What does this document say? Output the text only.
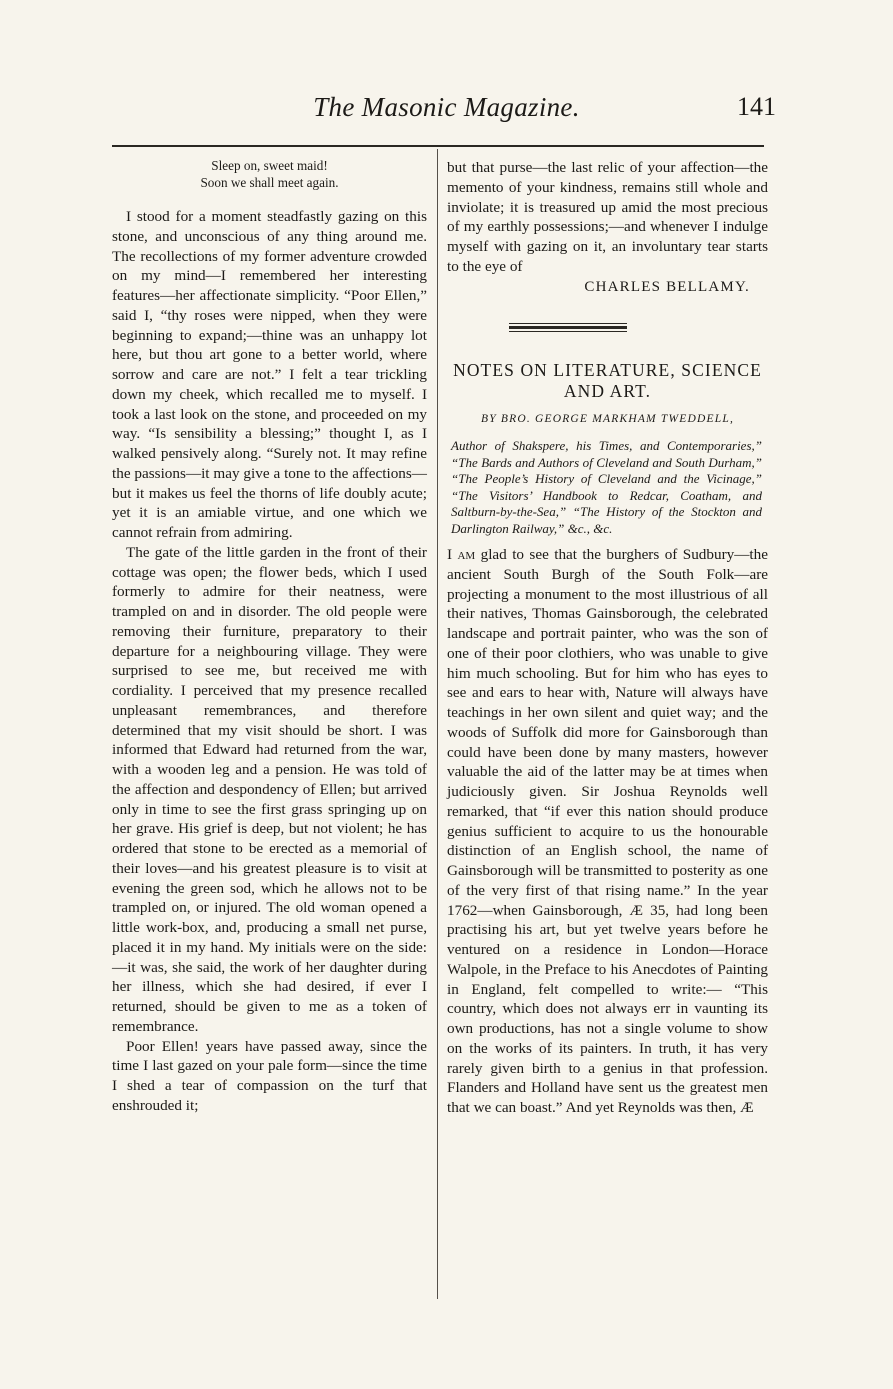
The Masonic Magazine.	141
Sleep on, sweet maid!
Soon we shall meet again.

I stood for a moment steadfastly gazing on this stone, and unconscious of any thing around me. The recollections of my former adventure crowded on my mind—I remembered her interesting features—her affectionate simplicity. “Poor Ellen,” said I, “thy roses were nipped, when they were beginning to expand;—thine was an unhappy lot here, but thou art gone to a better world, where sorrow and care are not.” I felt a tear trickling down my cheek, which recalled me to myself. I took a last look on the stone, and proceeded on my way. “Is sensibility a blessing;” thought I, as I walked pensively along. “Surely not. It may refine the passions—it may give a tone to the affections—but it makes us feel the thorns of life doubly acute; yet it is an amiable virtue, and one which we cannot refrain from admiring.

The gate of the little garden in the front of their cottage was open; the flower beds, which I used formerly to admire for their neatness, were trampled on and in disorder. The old people were removing their furniture, preparatory to their departure for a neighbouring village. They were surprised to see me, but received me with cordiality. I perceived that my presence recalled unpleasant remembrances, and therefore determined that my visit should be short. I was informed that Edward had returned from the war, with a wooden leg and a pension. He was told of the affection and despondency of Ellen; but arrived only in time to see the first grass springing up on her grave. His grief is deep, but not violent; he has ordered that stone to be erected as a memorial of their loves—and his greatest pleasure is to visit at evening the green sod, which he allows not to be trampled on, or injured. The old woman opened a little work-box, and, producing a small net purse, placed it in my hand. My initials were on the side:—it was, she said, the work of her daughter during her illness, which she had desired, if ever I returned, should be given to me as a token of remembrance.

Poor Ellen! years have passed away, since the time I last gazed on your pale form—since the time I shed a tear of compassion on the turf that enshrouded it;

but that purse—the last relic of your affection—the memento of your kindness, remains still whole and inviolate; it is treasured up amid the most precious of my earthly possessions;—and whenever I indulge myself with gazing on it, an involuntary tear starts to the eye of

CHARLES BELLAMY.
NOTES ON LITERATURE, SCIENCE AND ART.
BY BRO. GEORGE MARKHAM TWEDDELL,
Author of Shakspere, his Times, and Contemporaries,” “The Bards and Authors of Cleveland and South Durham,” “The People’s History of Cleveland and the Vicinage,” “The Visitors’ Handbook to Redcar, Coatham, and Saltburn-by-the-Sea,” “The History of the Stockton and Darlington Railway,” &c., &c.

I am glad to see that the burghers of Sudbury—the ancient South Burgh of the South Folk—are projecting a monument to the most illustrious of all their natives, Thomas Gainsborough, the celebrated landscape and portrait painter, who was the son of one of their poor clothiers, who was unable to give him much schooling. But for him who has eyes to see and ears to hear with, Nature will always have teachings in her own silent and quiet way; and the woods of Suffolk did more for Gainsborough than could have been done by many masters, however valuable the aid of the latter may be at times when judiciously given. Sir Joshua Reynolds well remarked, that “if ever this nation should produce genius sufficient to acquire to us the honourable distinction of an English school, the name of Gainsborough will be transmitted to posterity as one of the very first of that rising name.” In the year 1762—when Gainsborough, Æ 35, had long been practising his art, but yet twelve years before he ventured on a residence in London—Horace Walpole, in the Preface to his Anecdotes of Painting in England, felt compelled to write:— “This country, which does not always err in vaunting its own productions, has not a single volume to show on the works of its painters. In truth, it has very rarely given birth to a genius in that profession. Flanders and Holland have sent us the greatest men that we can boast.” And yet Reynolds was then, Æ
